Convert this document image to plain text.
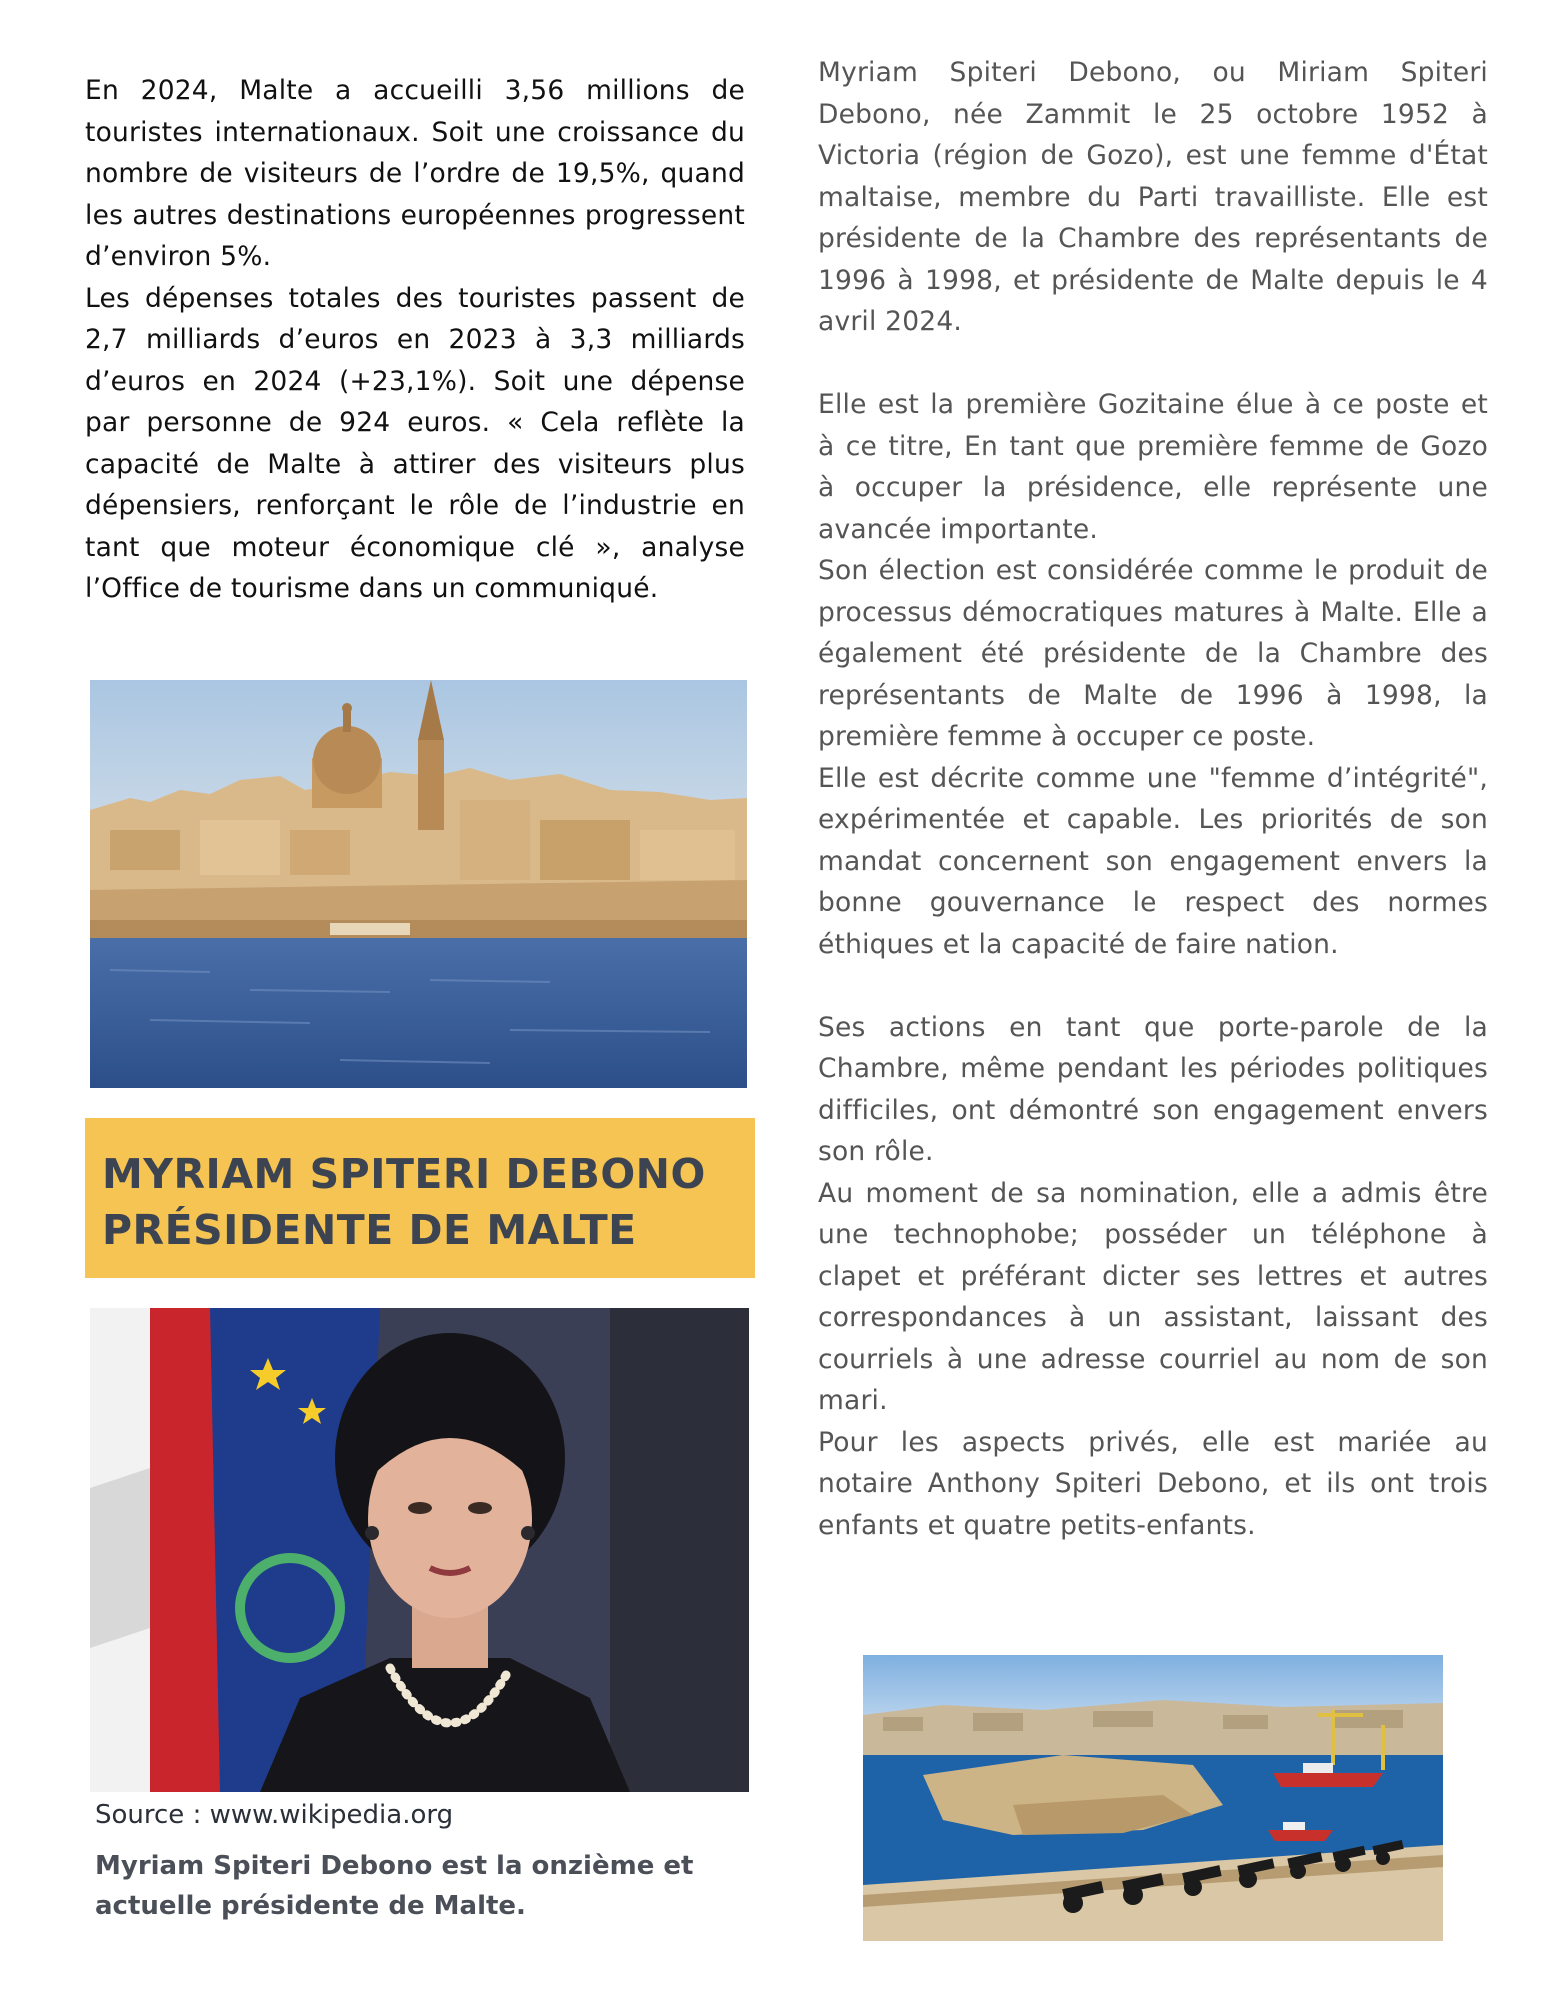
En 2024, Malte a accueilli 3,56 millions de touristes internationaux. Soit une croissance du nombre de visiteurs de l’ordre de 19,5%, quand les autres destinations européennes progressent d’environ 5%.

Les dépenses totales des touristes passent de 2,7 milliards d’euros en 2023 à 3,3 milliards d’euros en 2024 (+23,1%). Soit une dépense par personne de 924 euros. « Cela reflète la capacité de Malte à attirer des visiteurs plus dépensiers, renforçant le rôle de l’industrie en tant que moteur économique clé », analyse l’Office de tourisme dans un communiqué.

MYRIAM SPITERI DEBONO
PRÉSIDENTE DE MALTE
Source : www.wikipedia.org

Myriam Spiteri Debono est la onzième et actuelle présidente de Malte.

Myriam Spiteri Debono, ou Miriam Spiteri Debono, née Zammit le 25 octobre 1952 à Victoria (région de Gozo), est une femme d'État maltaise, membre du Parti travailliste. Elle est présidente de la Chambre des représentants de 1996 à 1998, et présidente de Malte depuis le 4 avril 2024.

Elle est la première Gozitaine élue à ce poste et à ce titre, En tant que première femme de Gozo à occuper la présidence, elle représente une avancée importante.

Son élection est considérée comme le produit de processus démocratiques matures à Malte. Elle a également été présidente de la Chambre des représentants de Malte de 1996 à 1998, la première femme à occuper ce poste.

Elle est décrite comme une "femme d’intégrité", expérimentée et capable. Les priorités de son mandat concernent son engagement envers la bonne gouvernance le respect des normes éthiques et la capacité de faire nation.

Ses actions en tant que porte-parole de la Chambre, même pendant les périodes politiques difficiles, ont démontré son engagement envers son rôle.

Au moment de sa nomination, elle a admis être une technophobe; posséder un téléphone à clapet et préférant dicter ses lettres et autres correspondances à un assistant, laissant des courriels à une adresse courriel au nom de son mari.

Pour les aspects privés, elle est mariée au notaire Anthony Spiteri Debono, et ils ont trois enfants et quatre petits-enfants.
